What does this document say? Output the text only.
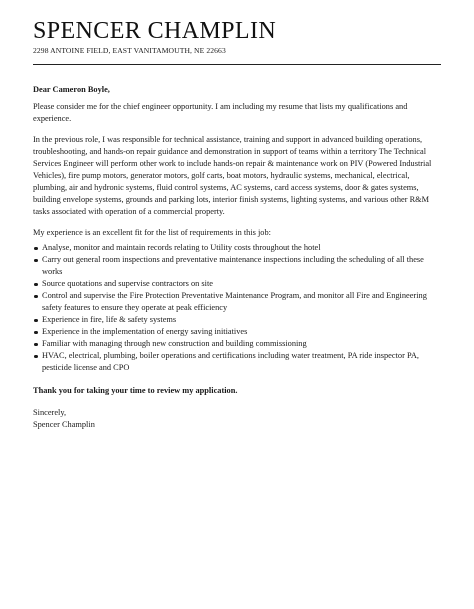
SPENCER CHAMPLIN
2298 ANTOINE FIELD, EAST VANITAMOUTH, NE 22663

Dear Cameron Boyle,

Please consider me for the chief engineer opportunity. I am including my resume that lists my qualifications and experience.

In the previous role, I was responsible for technical assistance, training and support in advanced building operations, troubleshooting, and hands-on repair guidance and demonstration in support of teams within a territory The Technical Services Engineer will perform other work to include hands-on repair & maintenance work on PIV (Powered Industrial Vehicles), fire pump motors, generator motors, golf carts, boat motors, hydraulic systems, mechanical, electrical, plumbing, air and hydronic systems, fluid control systems, AC systems, card access systems, door & gates systems, building envelope systems, grounds and parking lots, interior finish systems, lighting systems, and various other R&M tasks associated with operation of a commercial property.

My experience is an excellent fit for the list of requirements in this job:

Analyse, monitor and maintain records relating to Utility costs throughout the hotel
Carry out general room inspections and preventative maintenance inspections including the scheduling of all these works
Source quotations and supervise contractors on site
Control and supervise the Fire Protection Preventative Maintenance Program, and monitor all Fire and Engineering safety features to ensure they operate at peak efficiency
Experience in fire, life & safety systems
Experience in the implementation of energy saving initiatives
Familiar with managing through new construction and building commissioning
HVAC, electrical, plumbing, boiler operations and certifications including water treatment, PA ride inspector PA, pesticide license and CPO

Thank you for taking your time to review my application.

Sincerely,

Spencer Champlin
